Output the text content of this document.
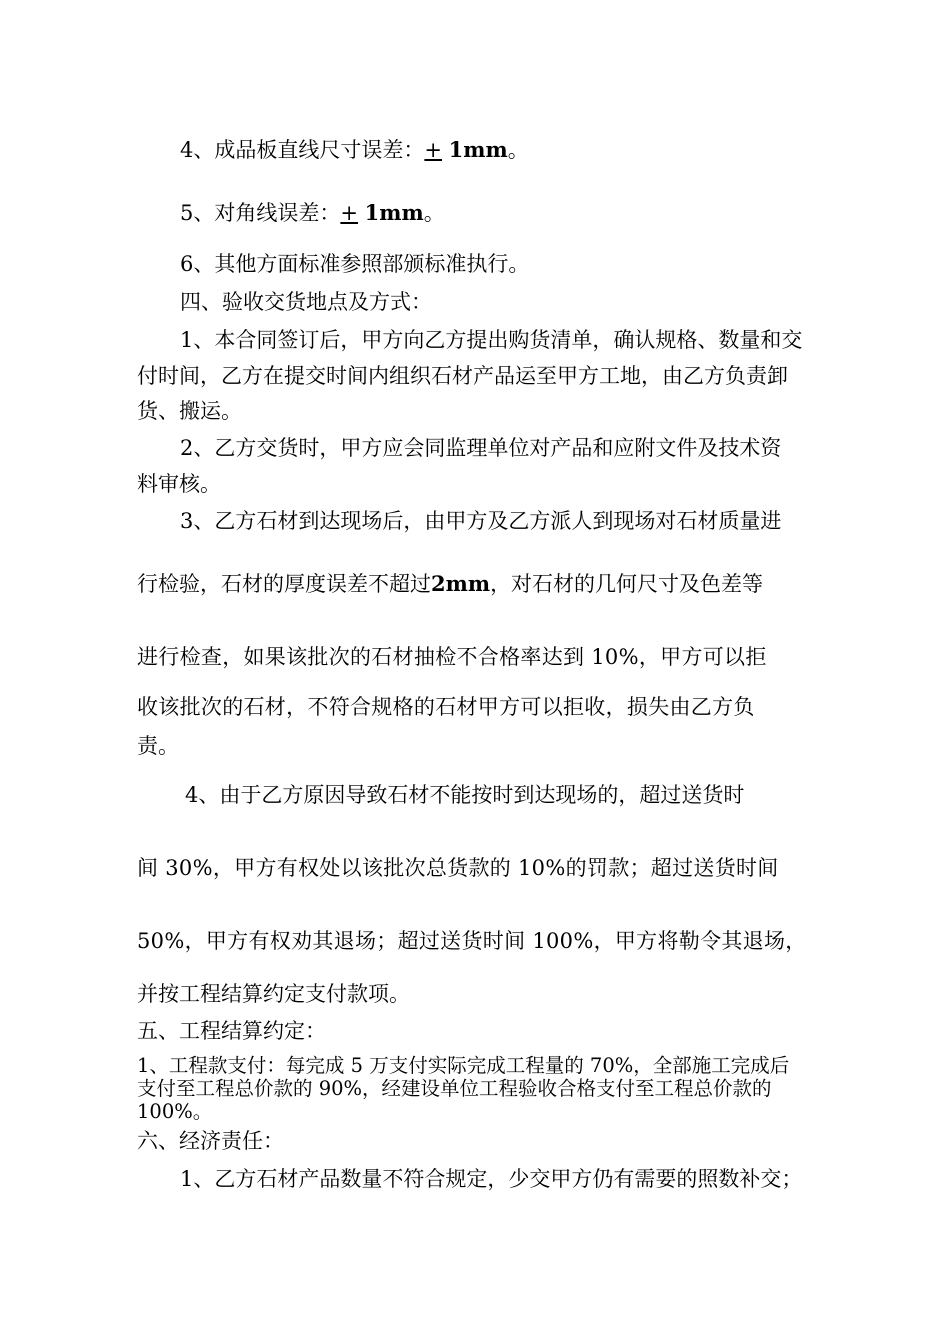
4、成品板直线尺寸误差：+ 1mm。
5、对角线误差：+ 1mm。
6、其他方面标准参照部颁标准执行。
四、验收交货地点及方式：
1、本合同签订后，甲方向乙方提出购货清单，确认规格、数量和交
付时间，乙方在提交时间内组织石材产品运至甲方工地，由乙方负责卸
货、搬运。
2、乙方交货时，甲方应会同监理单位对产品和应附文件及技术资
料审核。
3、乙方石材到达现场后，由甲方及乙方派人到现场对石材质量进
行检验，石材的厚度误差不超过2mm，对石材的几何尺寸及色差等
进行检查，如果该批次的石材抽检不合格率达到 10%，甲方可以拒
收该批次的石材，不符合规格的石材甲方可以拒收，损失由乙方负
责。
4、由于乙方原因导致石材不能按时到达现场的，超过送货时
间 30%，甲方有权处以该批次总货款的 10%的罚款；超过送货时间
50%，甲方有权劝其退场；超过送货时间 100%，甲方将勒令其退场，
并按工程结算约定支付款项。
五、工程结算约定：
1、工程款支付：每完成 5 万支付实际完成工程量的 70%，全部施工完成后
支付至工程总价款的 90%，经建设单位工程验收合格支付至工程总价款的
100%。
六、经济责任：
1、乙方石材产品数量不符合规定，少交甲方仍有需要的照数补交；
